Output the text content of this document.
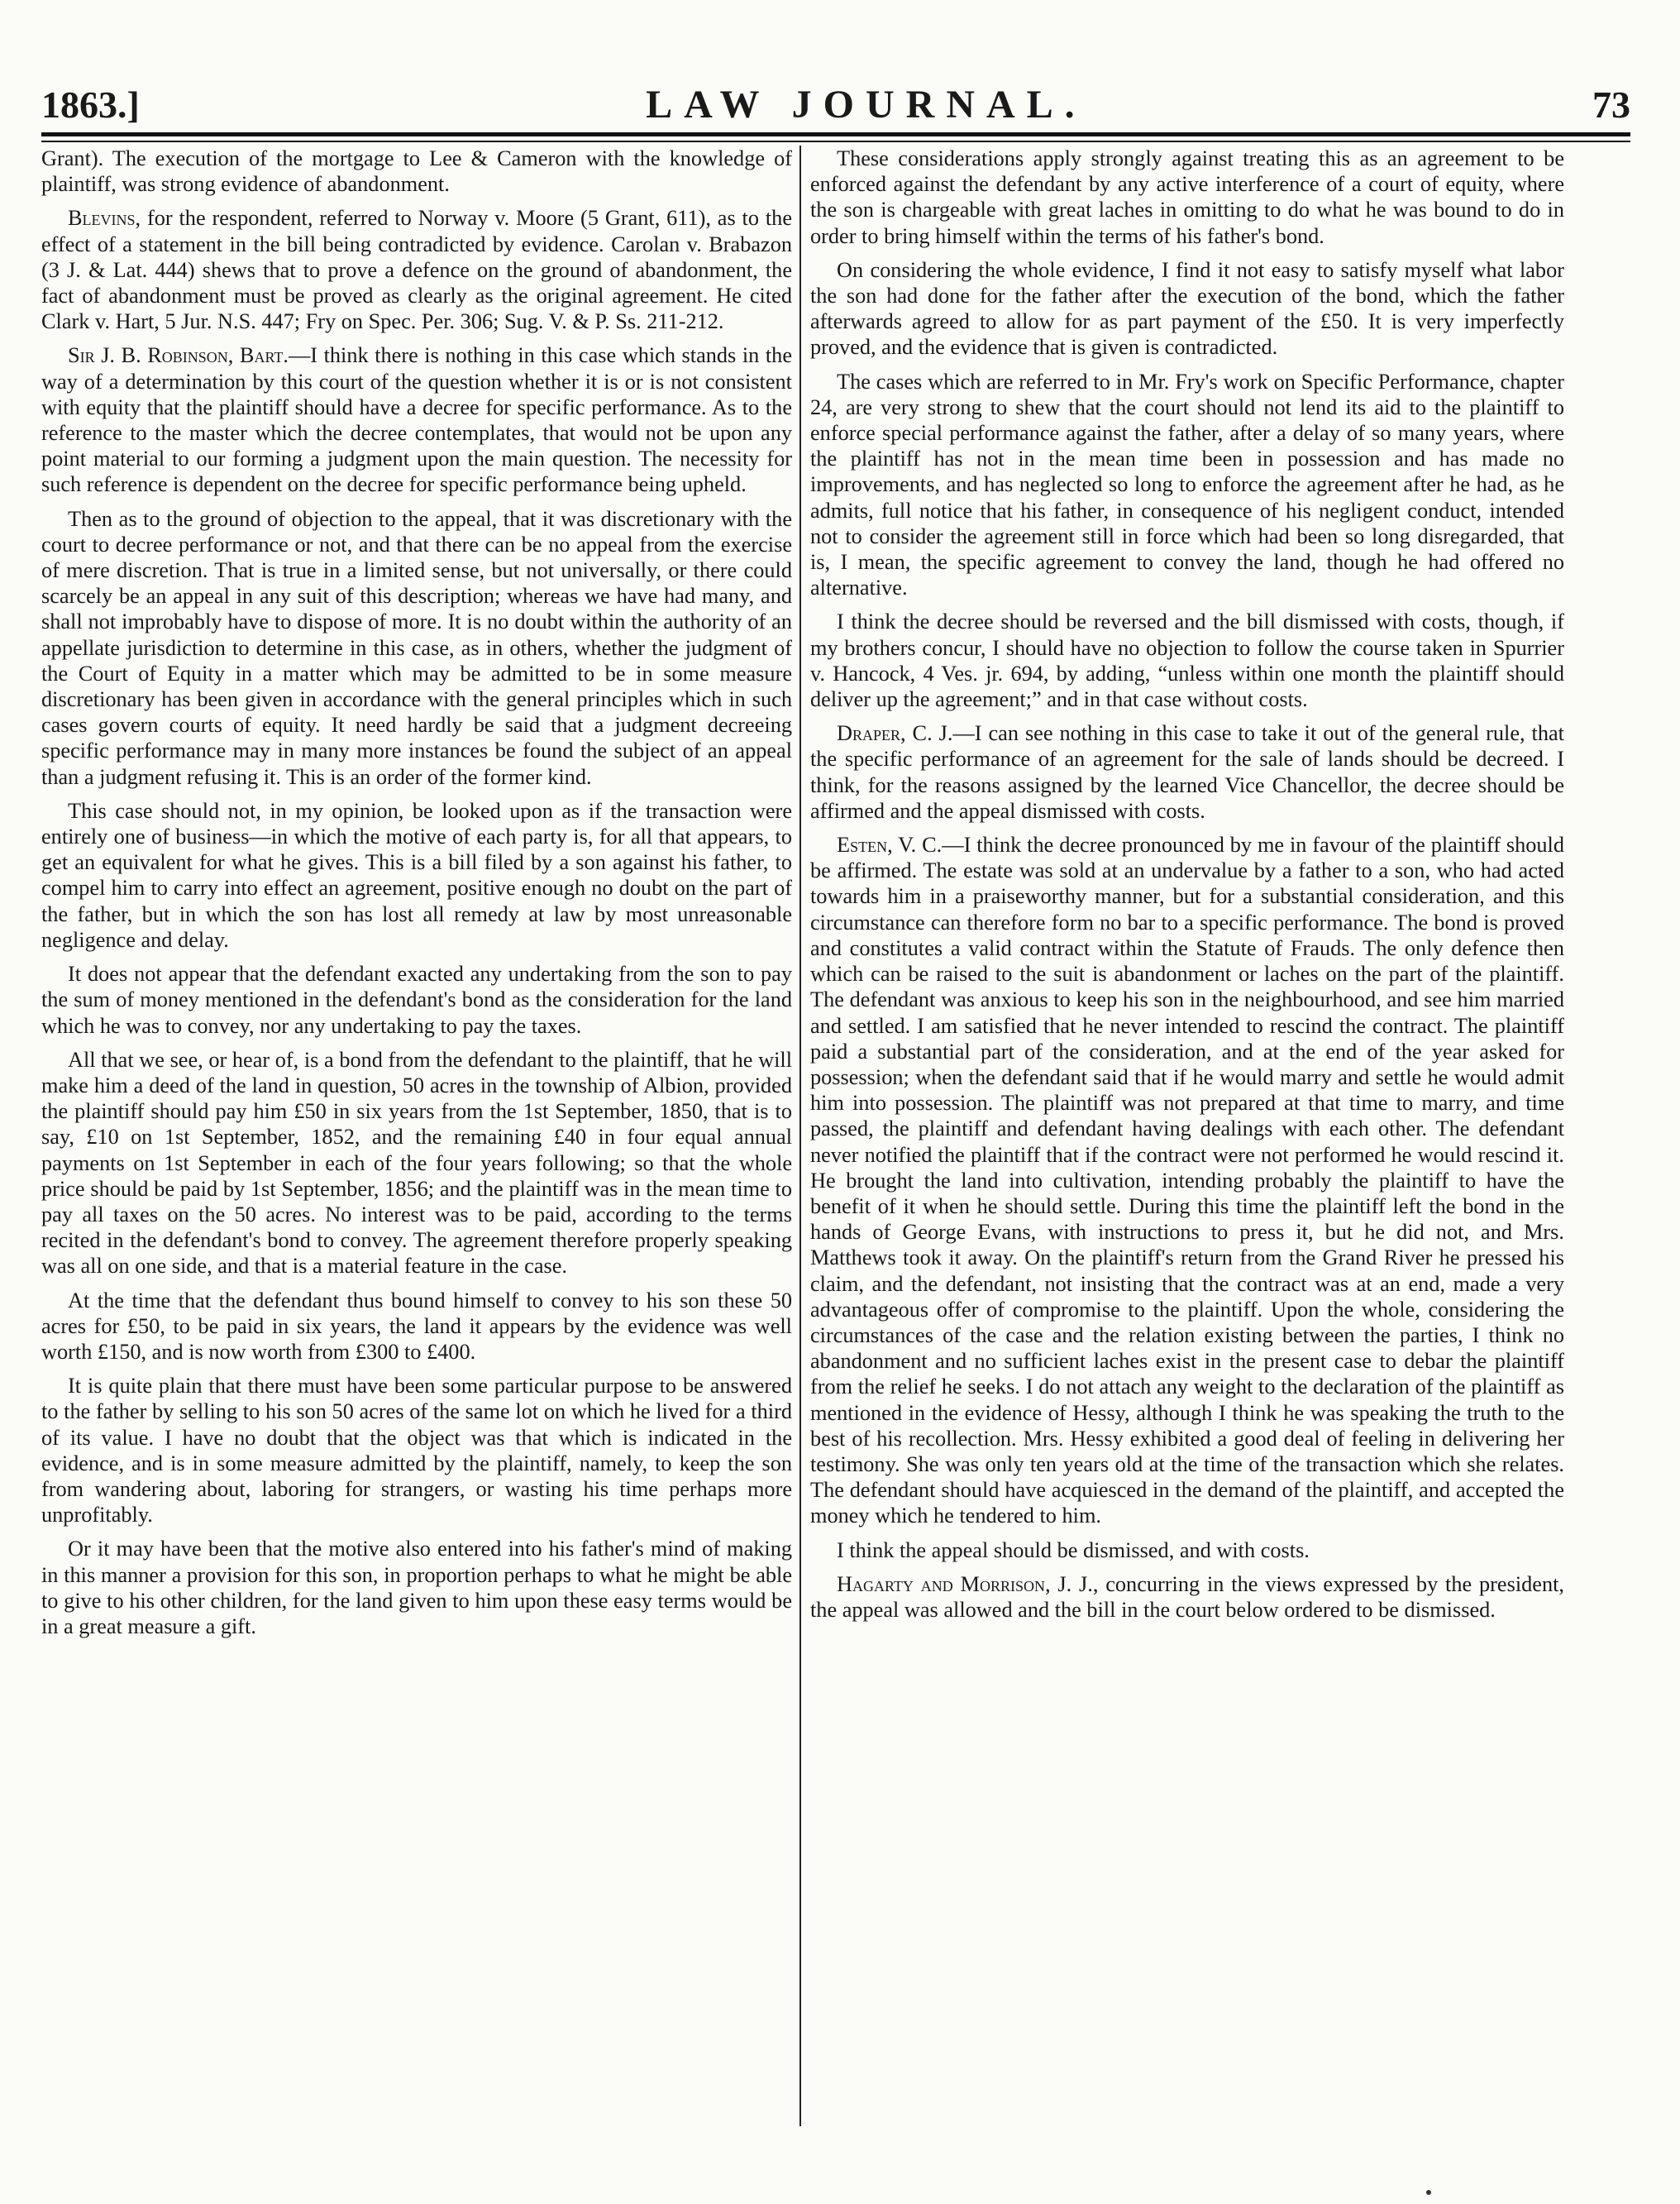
1863.]	LAW JOURNAL.	73

Grant). The execution of the mortgage to Lee & Cameron with the knowledge of plaintiff, was strong evidence of abandonment.

Blevins, for the respondent, referred to Norway v. Moore (5 Grant, 611), as to the effect of a statement in the bill being contradicted by evidence. Carolan v. Brabazon (3 J. & Lat. 444) shews that to prove a defence on the ground of abandonment, the fact of abandonment must be proved as clearly as the original agreement. He cited Clark v. Hart, 5 Jur. N.S. 447; Fry on Spec. Per. 306; Sug. V. & P. Ss. 211-212.

Sir J. B. Robinson, Bart.—I think there is nothing in this case which stands in the way of a determination by this court of the question whether it is or is not consistent with equity that the plaintiff should have a decree for specific performance. As to the reference to the master which the decree contemplates, that would not be upon any point material to our forming a judgment upon the main question. The necessity for such reference is dependent on the decree for specific performance being upheld.

Then as to the ground of objection to the appeal, that it was discretionary with the court to decree performance or not, and that there can be no appeal from the exercise of mere discretion. That is true in a limited sense, but not universally, or there could scarcely be an appeal in any suit of this description; whereas we have had many, and shall not improbably have to dispose of more. It is no doubt within the authority of an appellate jurisdiction to determine in this case, as in others, whether the judgment of the Court of Equity in a matter which may be admitted to be in some measure discretionary has been given in accordance with the general principles which in such cases govern courts of equity. It need hardly be said that a judgment decreeing specific performance may in many more instances be found the subject of an appeal than a judgment refusing it. This is an order of the former kind.

This case should not, in my opinion, be looked upon as if the transaction were entirely one of business—in which the motive of each party is, for all that appears, to get an equivalent for what he gives. This is a bill filed by a son against his father, to compel him to carry into effect an agreement, positive enough no doubt on the part of the father, but in which the son has lost all remedy at law by most unreasonable negligence and delay.

It does not appear that the defendant exacted any undertaking from the son to pay the sum of money mentioned in the defendant's bond as the consideration for the land which he was to convey, nor any undertaking to pay the taxes.

All that we see, or hear of, is a bond from the defendant to the plaintiff, that he will make him a deed of the land in question, 50 acres in the township of Albion, provided the plaintiff should pay him £50 in six years from the 1st September, 1850, that is to say, £10 on 1st September, 1852, and the remaining £40 in four equal annual payments on 1st September in each of the four years following; so that the whole price should be paid by 1st September, 1856; and the plaintiff was in the mean time to pay all taxes on the 50 acres. No interest was to be paid, according to the terms recited in the defendant's bond to convey. The agreement therefore properly speaking was all on one side, and that is a material feature in the case.

At the time that the defendant thus bound himself to convey to his son these 50 acres for £50, to be paid in six years, the land it appears by the evidence was well worth £150, and is now worth from £300 to £400.

It is quite plain that there must have been some particular purpose to be answered to the father by selling to his son 50 acres of the same lot on which he lived for a third of its value. I have no doubt that the object was that which is indicated in the evidence, and is in some measure admitted by the plaintiff, namely, to keep the son from wandering about, laboring for strangers, or wasting his time perhaps more unprofitably.

Or it may have been that the motive also entered into his father's mind of making in this manner a provision for this son, in proportion perhaps to what he might be able to give to his other children, for the land given to him upon these easy terms would be in a great measure a gift.

These considerations apply strongly against treating this as an agreement to be enforced against the defendant by any active interference of a court of equity, where the son is chargeable with great laches in omitting to do what he was bound to do in order to bring himself within the terms of his father's bond.

On considering the whole evidence, I find it not easy to satisfy myself what labor the son had done for the father after the execution of the bond, which the father afterwards agreed to allow for as part payment of the £50. It is very imperfectly proved, and the evidence that is given is contradicted.

The cases which are referred to in Mr. Fry's work on Specific Performance, chapter 24, are very strong to shew that the court should not lend its aid to the plaintiff to enforce special performance against the father, after a delay of so many years, where the plaintiff has not in the mean time been in possession and has made no improvements, and has neglected so long to enforce the agreement after he had, as he admits, full notice that his father, in consequence of his negligent conduct, intended not to consider the agreement still in force which had been so long disregarded, that is, I mean, the specific agreement to convey the land, though he had offered no alternative.

I think the decree should be reversed and the bill dismissed with costs, though, if my brothers concur, I should have no objection to follow the course taken in Spurrier v. Hancock, 4 Ves. jr. 694, by adding, “unless within one month the plaintiff should deliver up the agreement;” and in that case without costs.

Draper, C. J.—I can see nothing in this case to take it out of the general rule, that the specific performance of an agreement for the sale of lands should be decreed. I think, for the reasons assigned by the learned Vice Chancellor, the decree should be affirmed and the appeal dismissed with costs.

Esten, V. C.—I think the decree pronounced by me in favour of the plaintiff should be affirmed. The estate was sold at an undervalue by a father to a son, who had acted towards him in a praiseworthy manner, but for a substantial consideration, and this circumstance can therefore form no bar to a specific performance. The bond is proved and constitutes a valid contract within the Statute of Frauds. The only defence then which can be raised to the suit is abandonment or laches on the part of the plaintiff. The defendant was anxious to keep his son in the neighbourhood, and see him married and settled. I am satisfied that he never intended to rescind the contract. The plaintiff paid a substantial part of the consideration, and at the end of the year asked for possession; when the defendant said that if he would marry and settle he would admit him into possession. The plaintiff was not prepared at that time to marry, and time passed, the plaintiff and defendant having dealings with each other. The defendant never notified the plaintiff that if the contract were not performed he would rescind it. He brought the land into cultivation, intending probably the plaintiff to have the benefit of it when he should settle. During this time the plaintiff left the bond in the hands of George Evans, with instructions to press it, but he did not, and Mrs. Matthews took it away. On the plaintiff's return from the Grand River he pressed his claim, and the defendant, not insisting that the contract was at an end, made a very advantageous offer of compromise to the plaintiff. Upon the whole, considering the circumstances of the case and the relation existing between the parties, I think no abandonment and no sufficient laches exist in the present case to debar the plaintiff from the relief he seeks. I do not attach any weight to the declaration of the plaintiff as mentioned in the evidence of Hessy, although I think he was speaking the truth to the best of his recollection. Mrs. Hessy exhibited a good deal of feeling in delivering her testimony. She was only ten years old at the time of the transaction which she relates. The defendant should have acquiesced in the demand of the plaintiff, and accepted the money which he tendered to him.

I think the appeal should be dismissed, and with costs.

Hagarty and Morrison, J. J., concurring in the views expressed by the president, the appeal was allowed and the bill in the court below ordered to be dismissed.
